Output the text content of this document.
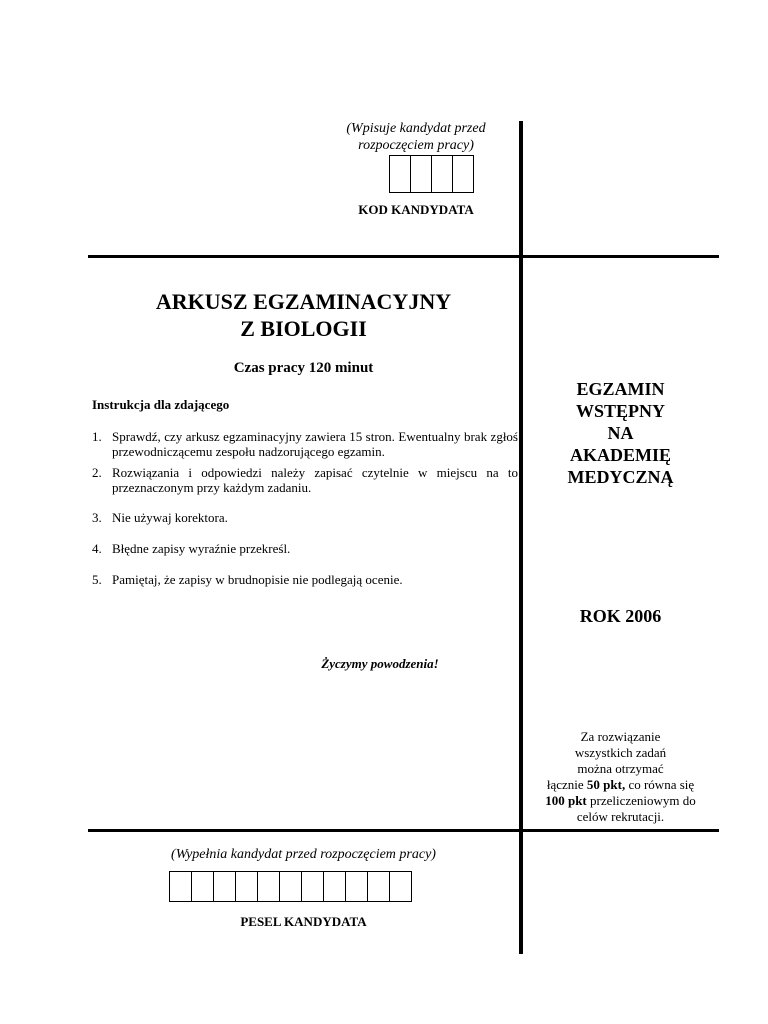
(Wpisuje kandydat przed rozpoczęciem pracy)
KOD KANDYDATA
ARKUSZ EGZAMINACYJNY
Z BIOLOGII
Czas pracy 120 minut
Instrukcja dla zdającego
1. Sprawdź, czy arkusz egzaminacyjny zawiera 15 stron. Ewentualny brak zgłoś przewodniczącemu zespołu nadzorującego egzamin.
2. Rozwiązania i odpowiedzi należy zapisać czytelnie w miejscu na to przeznaczonym przy każdym zadaniu.
3. Nie używaj korektora.
4. Błędne zapisy wyraźnie przekreśl.
5. Pamiętaj, że zapisy w brudnopisie nie podlegają ocenie.
Życzymy powodzenia!
EGZAMIN
WSTĘPNY
NA
AKADEMIĘ
MEDYCZNĄ
ROK 2006
Za rozwiązanie
wszystkich zadań
można otrzymać
łącznie 50 pkt, co równa się
100 pkt przeliczeniowym do
celów rekrutacji.
(Wypełnia kandydat przed rozpoczęciem pracy)
PESEL KANDYDATA
